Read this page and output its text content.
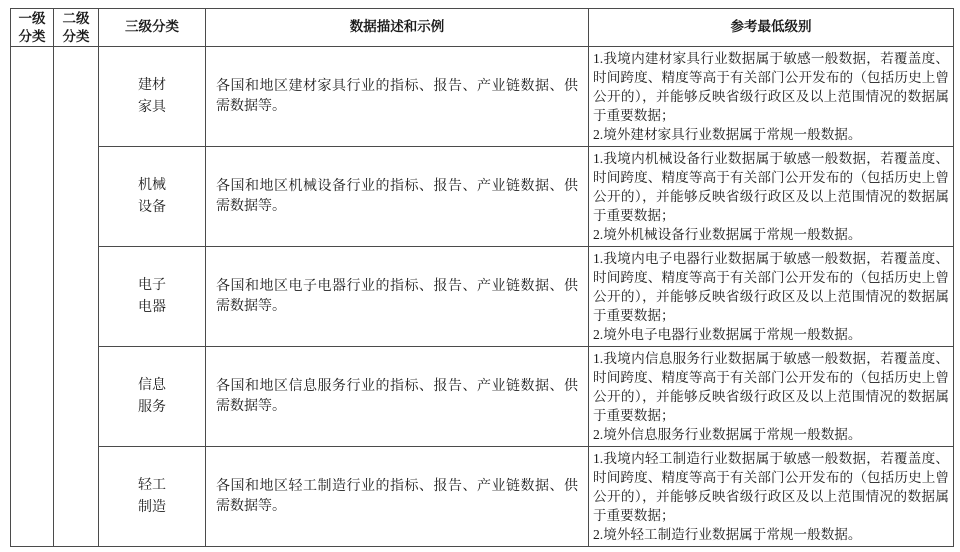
一级分类	二级分类	三级分类	数据描述和示例	参考最低级别

		建材家具	各国和地区建材家具行业的指标、报告、产业链数据、供需数据等。	1.我境内建材家具行业数据属于敏感一般数据，若覆盖度、时间跨度、精度等高于有关部门公开发布的（包括历史上曾公开的），并能够反映省级行政区及以上范围情况的数据属于重要数据；
2.境外建材家具行业数据属于常规一般数据。

		机械设备	各国和地区机械设备行业的指标、报告、产业链数据、供需数据等。	1.我境内机械设备行业数据属于敏感一般数据，若覆盖度、时间跨度、精度等高于有关部门公开发布的（包括历史上曾公开的），并能够反映省级行政区及以上范围情况的数据属于重要数据；
2.境外机械设备行业数据属于常规一般数据。

		电子电器	各国和地区电子电器行业的指标、报告、产业链数据、供需数据等。	1.我境内电子电器行业数据属于敏感一般数据，若覆盖度、时间跨度、精度等高于有关部门公开发布的（包括历史上曾公开的），并能够反映省级行政区及以上范围情况的数据属于重要数据；
2.境外电子电器行业数据属于常规一般数据。

		信息服务	各国和地区信息服务行业的指标、报告、产业链数据、供需数据等。	1.我境内信息服务行业数据属于敏感一般数据，若覆盖度、时间跨度、精度等高于有关部门公开发布的（包括历史上曾公开的），并能够反映省级行政区及以上范围情况的数据属于重要数据；
2.境外信息服务行业数据属于常规一般数据。

		轻工制造	各国和地区轻工制造行业的指标、报告、产业链数据、供需数据等。	1.我境内轻工制造行业数据属于敏感一般数据，若覆盖度、时间跨度、精度等高于有关部门公开发布的（包括历史上曾公开的），并能够反映省级行政区及以上范围情况的数据属于重要数据；
2.境外轻工制造行业数据属于常规一般数据。
